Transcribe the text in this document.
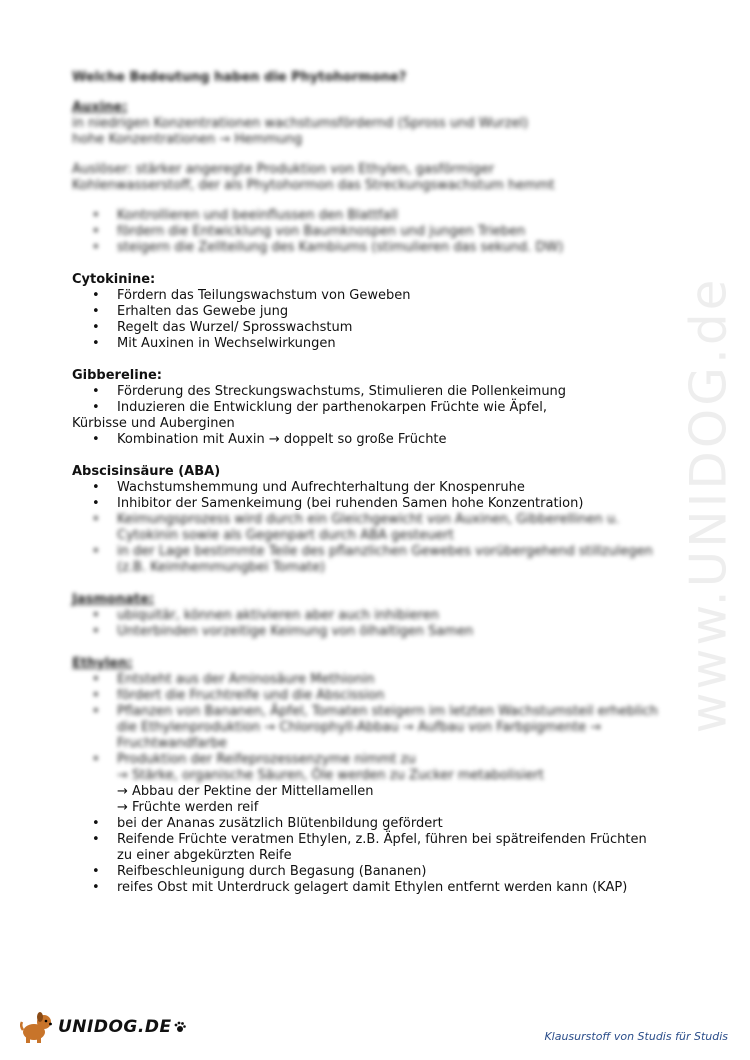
Welche Bedeutung haben die Phytohormone?

Auxine:

in niedrigen Konzentrationen wachstumsfördernd (Spross und Wurzel)

hohe Konzentrationen → Hemmung

Auslöser: stärker angeregte Produktion von Ethylen, gasförmiger

Kohlenwasserstoff, der als Phytohormon das Streckungswachstum hemmt

• Kontrollieren und beeinflussen den Blattfall
• fördern die Entwicklung von Baumknospen und jungen Trieben
• steigern die Zellteilung des Kambiums (stimulieren das sekund. DW)

Cytokinine:

• Fördern das Teilungswachstum von Geweben
• Erhalten das Gewebe jung
• Regelt das Wurzel/ Sprosswachstum
• Mit Auxinen in Wechselwirkungen

Gibbereline:

• Förderung des Streckungswachstums, Stimulieren die Pollenkeimung
• Induzieren die Entwicklung der parthenokarpen Früchte wie Äpfel,

Kürbisse und Auberginen

• Kombination mit Auxin → doppelt so große Früchte

Abscisinsäure (ABA)

• Wachstumshemmung und Aufrechterhaltung der Knospenruhe
• Inhibitor der Samenkeimung (bei ruhenden Samen hohe Konzentration)
• Keimungsprozess wird durch ein Gleichgewicht von Auxinen, Gibberellinen u.
Cytokinin sowie als Gegenpart durch ABA gesteuert
• in der Lage bestimmte Teile des pflanzlichen Gewebes vorübergehend stillzulegen
(z.B. Keimhemmungbei Tomate)

Jasmonate:

• ubiquitär, können aktivieren aber auch inhibieren
• Unterbinden vorzeitige Keimung von ölhaltigen Samen

Ethylen:

• Entsteht aus der Aminosäure Methionin
• fördert die Fruchtreife und die Abscission
• Pflanzen von Bananen, Äpfel, Tomaten steigern im letzten Wachstumsteil erheblich

die Ethylenproduktion → Chlorophyll-Abbau → Aufbau von Farbpigmente →

Fruchtwandfarbe

• Produktion der Reifeprozessenzyme nimmt zu

→ Stärke, organische Säuren, Öle werden zu Zucker metabolisiert

→ Abbau der Pektine der Mittellamellen

→ Früchte werden reif

• bei der Ananas zusätzlich Blütenbildung gefördert
• Reifende Früchte veratmen Ethylen, z.B. Äpfel, führen bei spätreifenden Früchten

zu einer abgekürzten Reife

• Reifbeschleunigung durch Begasung (Bananen)
• reifes Obst mit Unterdruck gelagert damit Ethylen entfernt werden kann (KAP)
www.UNIDOG.de
UNIDOG.DE	Klausurstoff von Studis für Studis
